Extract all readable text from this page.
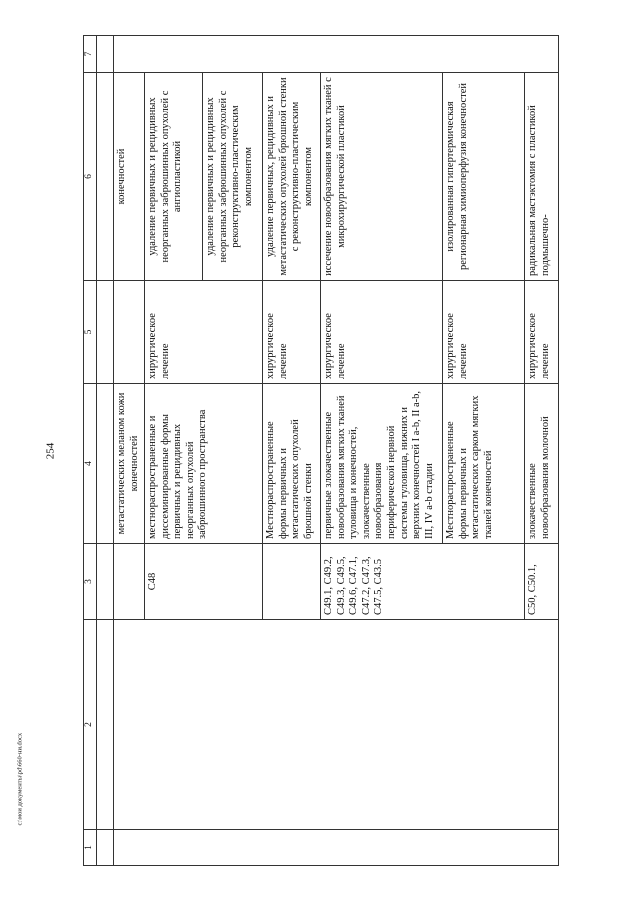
254
c:\мои документы\pd\660-ни.docx
1	2	3	4	5	6	7

			метастатических меланом кожи конечностей		конечностей	
		C48	местнораспространенные и диссеминированные формы первичных и рецидивных неорганных опухолей забрюшинного пространства	хирургическое лечение	удаление первичных и рецидивных неорганных забрюшинных опухолей с ангиопластикой	
					удаление первичных и рецидивных неорганных забрюшинных опухолей с реконструктивно-пластическим компонентом	
			Местнораспространенные формы первичных и метастатических опухолей брюшной стенки	хирургическое лечение	удаление первичных, рецидивных и метастатических опухолей брюшной стенки с реконструктивно-пластическим компонентом	
		C49.1, C49.2, C49.3, C49.5, C49.6, C47.1, C47.2, C47.3, C47.5, C43.5	первичные злокачественные новообразования мягких тканей туловища и конечностей, злокачественные новообразования периферической нервной системы туловища, нижних и верхних конечностей I a-b, II a-b, III, IV a-b стадии	хирургическое лечение	иссечение новообразования мягких тканей с микрохирургической пластикой	
			Местнораспространенные формы первичных и метастатических сарком мягких тканей конечностей	хирургическое лечение	изолированная гипертермическая регионарная химиоперфузия конечностей	
		C50, C50.1,	злокачественные новообразования молочной	хирургическое лечение	радикальная мастэктомия с пластикой подмышечно-	
